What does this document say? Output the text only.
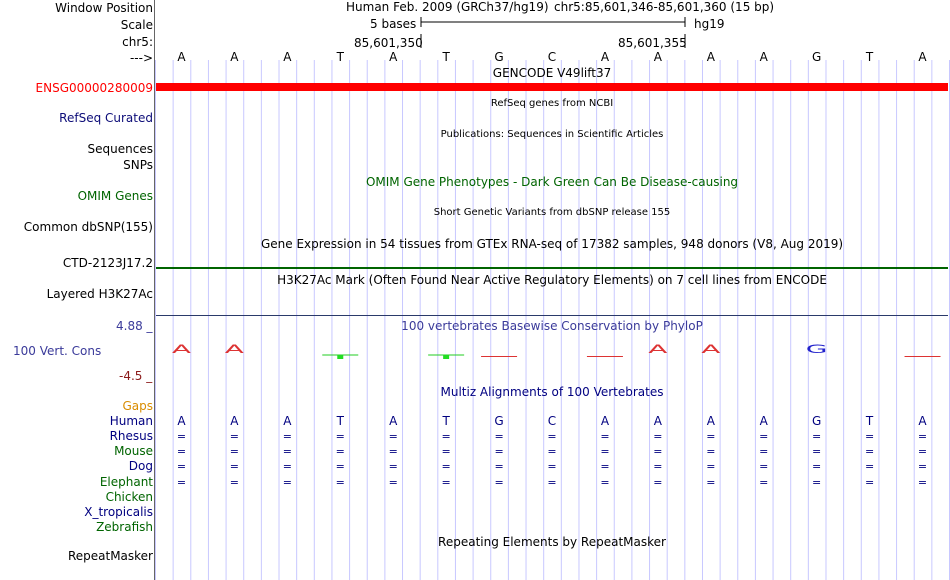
Window Position
Scale
chr5:
--->
Human Feb. 2009 (GRCh37/hg19) chr5:85,601,346-85,601,360 (15 bp)
5 bases	hg19
85,601,350	85,601,355
A	A	A	T	A	T	G	C	A	A	A	A	G	T	A
GENCODE V49lift37
ENSG00000280009
RefSeq genes from NCBI
RefSeq Curated
Publications: Sequences in Scientific Articles
Sequences
SNPs
OMIM Gene Phenotypes - Dark Green Can Be Disease-causing
OMIM Genes
Short Genetic Variants from dbSNP release 155
Common dbSNP(155)
Gene Expression in 54 tissues from GTEx RNA-seq of 17382 samples, 948 donors (V8, Aug 2019)
CTD-2123J17.2
H3K27Ac Mark (Often Found Near Active Regulatory Elements) on 7 cell lines from ENCODE
Layered H3K27Ac
100 vertebrates Basewise Conservation by PhyloP
4.88 _
100 Vert. Cons
-4.5 _
A A	A A	G
Multiz Alignments of 100 Vertebrates
Gaps
Human
Rhesus
Mouse
Dog
Elephant
Chicken
X_tropicalis
Zebrafish
A	A	A	T	A	T	G	C	A	A	A	A	G	T	A
=	=	=	=	=	=	=	=	=	=	=	=	=	=	=
=	=	=	=	=	=	=	=	=	=	=	=	=	=	=
=	=	=	=	=	=	=	=	=	=	=	=	=	=	=
=	=	=	=	=	=	=	=	=	=	=	=	=	=	=
Repeating Elements by RepeatMasker
RepeatMasker
